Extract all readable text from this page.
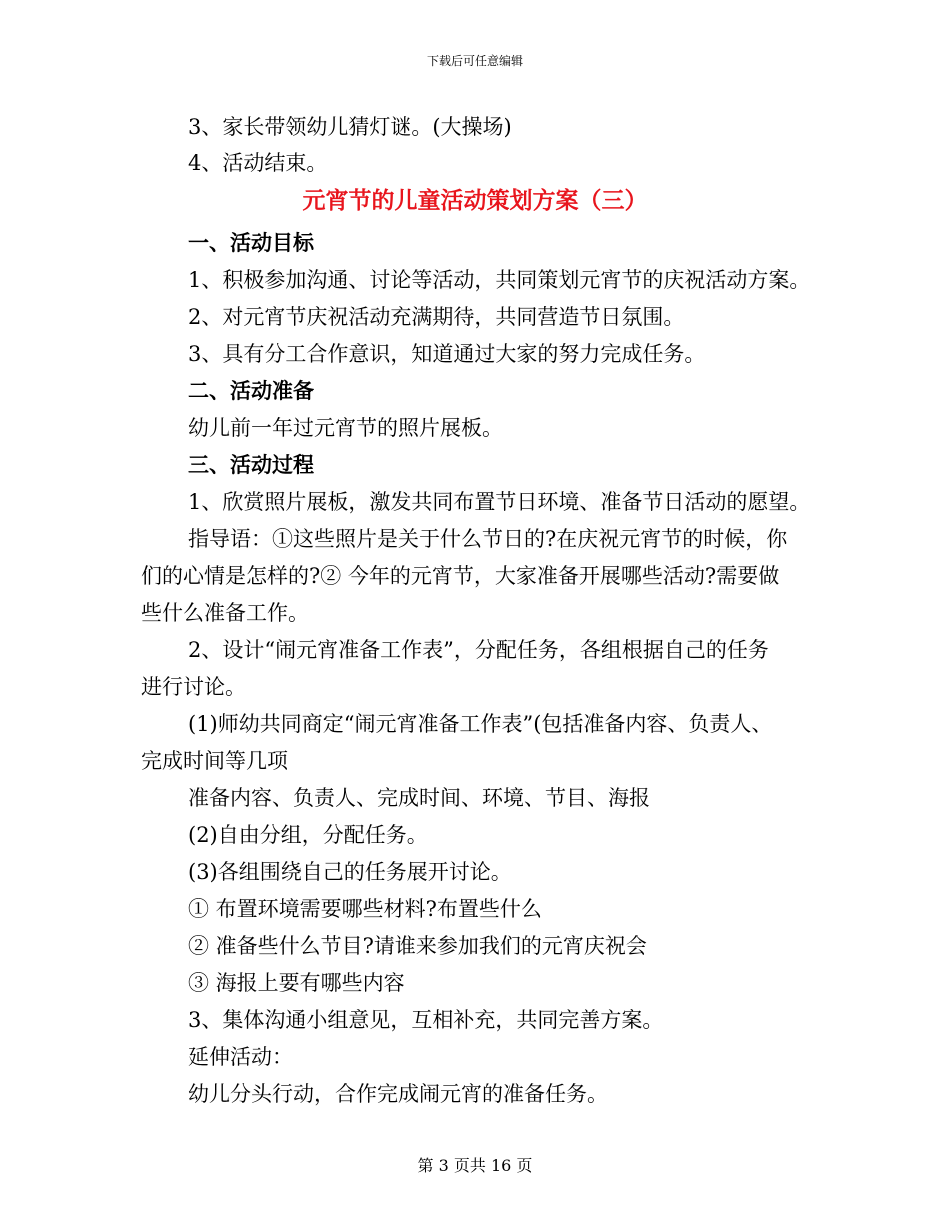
下载后可任意编辑
3、家长带领幼儿猜灯谜。(大操场)
4、活动结束。
元宵节的儿童活动策划方案（三）
一、活动目标
1、积极参加沟通、讨论等活动，共同策划元宵节的庆祝活动方案。
2、对元宵节庆祝活动充满期待，共同营造节日氛围。
3、具有分工合作意识，知道通过大家的努力完成任务。
二、活动准备
幼儿前一年过元宵节的照片展板。
三、活动过程
1、欣赏照片展板，激发共同布置节日环境、准备节日活动的愿望。
指导语：①这些照片是关于什么节日的?在庆祝元宵节的时候，你
们的心情是怎样的?② 今年的元宵节，大家准备开展哪些活动?需要做
些什么准备工作。
2、设计“闹元宵准备工作表”，分配任务，各组根据自己的任务
进行讨论。
(1)师幼共同商定“闹元宵准备工作表”(包括准备内容、负责人、
完成时间等几项
准备内容、负责人、完成时间、环境、节目、海报
(2)自由分组，分配任务。
(3)各组围绕自己的任务展开讨论。
① 布置环境需要哪些材料?布置些什么
② 准备些什么节目?请谁来参加我们的元宵庆祝会
③ 海报上要有哪些内容
3、集体沟通小组意见，互相补充，共同完善方案。
延伸活动：
幼儿分头行动，合作完成闹元宵的准备任务。
第 3 页共 16 页
